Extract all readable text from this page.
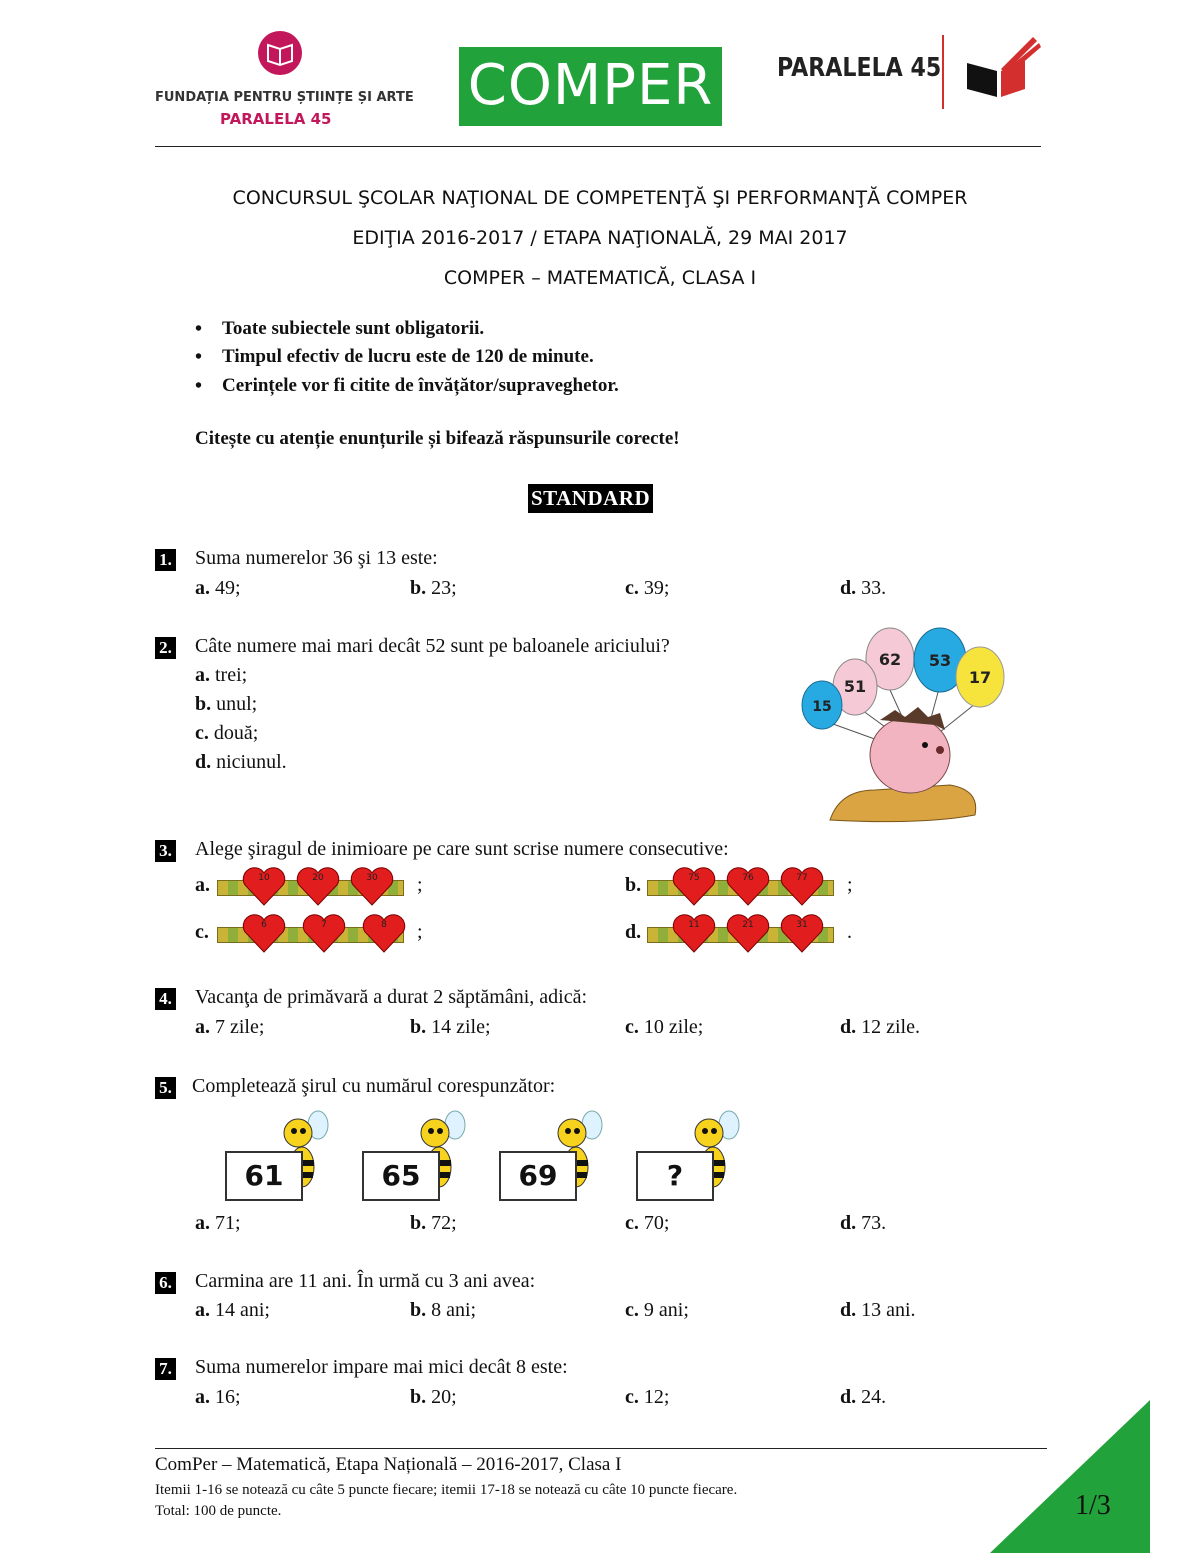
FUNDAȚIA PENTRU ȘTIINȚE ȘI ARTE
PARALELA 45
COMPER	PARALELA 45
CONCURSUL ŞCOLAR NAŢIONAL DE COMPETENŢĂ ŞI PERFORMANŢĂ COMPER
EDIŢIA 2016-2017 / ETAPA NAŢIONALĂ, 29 MAI 2017
COMPER – MATEMATICĂ, CLASA I
• Toate subiectele sunt obligatorii.
• Timpul efectiv de lucru este de 120 de minute.
• Cerințele vor fi citite de învățător/supraveghetor.
Citește cu atenție enunțurile și bifează răspunsurile corecte!
STANDARD
1. Suma numerelor 36 şi 13 este:
a. 49;	b. 23;	c. 39;	d. 33.
2. Câte numere mai mari decât 52 sunt pe baloanele ariciului?
a. trei;
b. unul;
c. două;
d. niciunul.
62 53
51	17
15
3. Alege şiragul de inimioare pe care sunt scrise numere consecutive:
a.	10	20	30	;	b.	75	76	77	;
c.	6	7	8	;	d.	11	21	31	.
4. Vacanţa de primăvară a durat 2 săptămâni, adică:
a. 7 zile;	b. 14 zile;	c. 10 zile;	d. 12 zile.
5. Completează şirul cu numărul corespunzător:
61	65	69	?
a. 71;	b. 72;	c. 70;	d. 73.
6. Carmina are 11 ani. În urmă cu 3 ani avea:
a. 14 ani;	b. 8 ani;	c. 9 ani;	d. 13 ani.
7. Suma numerelor impare mai mici decât 8 este:
a. 16;	b. 20;	c. 12;	d. 24.
ComPer – Matematică, Etapa Națională – 2016-2017, Clasa I
Itemii 1-16 se notează cu câte 5 puncte fiecare; itemii 17-18 se notează cu câte 10 puncte fiecare.
Total: 100 de puncte.	1/3
